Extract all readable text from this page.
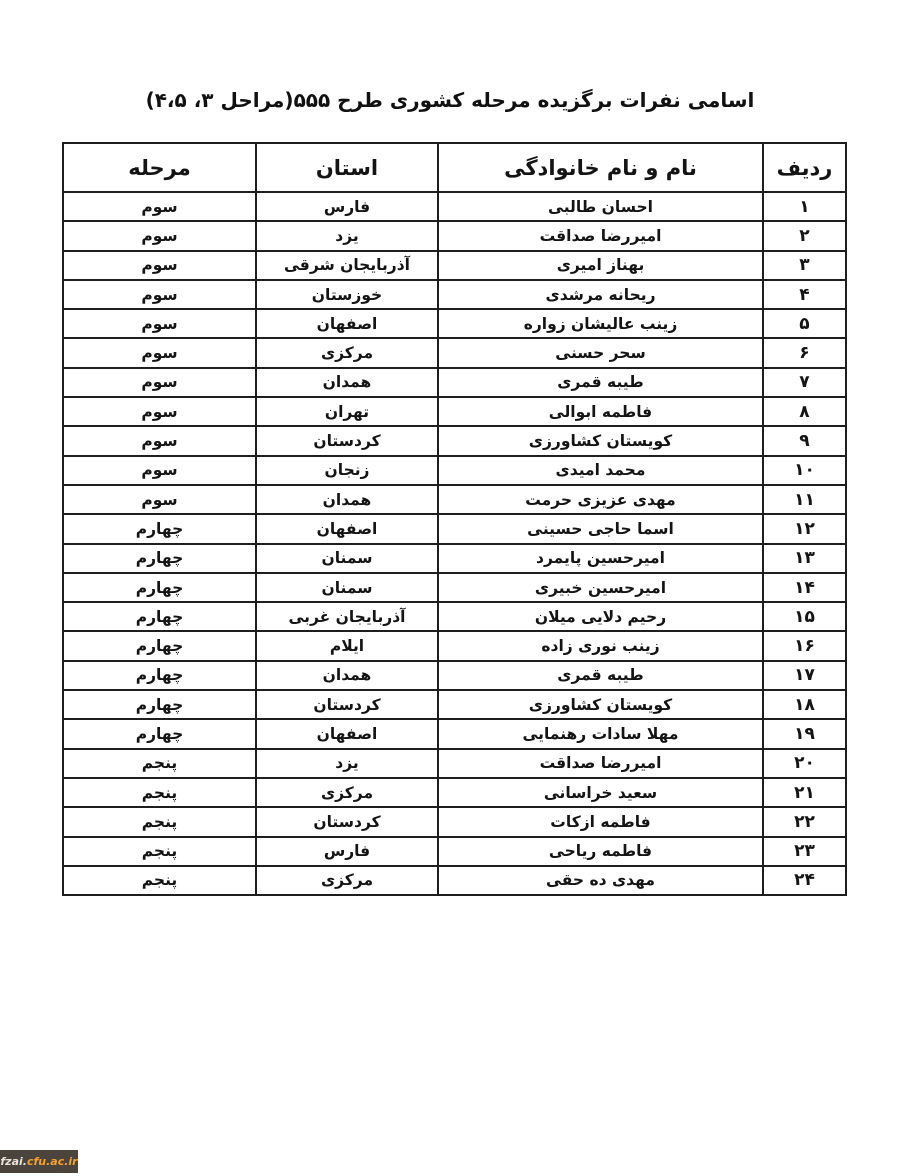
اسامی نفرات برگزیده مرحله کشوری طرح ۵۵۵(مراحل ۳، ۴،۵)
ردیف	نام و نام خانوادگی	استان	مرحله
۱	احسان طالبی	فارس	سوم
۲	امیررضا صداقت	یزد	سوم
۳	بهناز امیری	آذربایجان شرقی	سوم
۴	ریحانه مرشدی	خوزستان	سوم
۵	زینب عالیشان زواره	اصفهان	سوم
۶	سحر حسنی	مرکزی	سوم
۷	طیبه قمری	همدان	سوم
۸	فاطمه ابوالی	تهران	سوم
۹	کویستان کشاورزی	کردستان	سوم
۱۰	محمد امیدی	زنجان	سوم
۱۱	مهدی عزیزی حرمت	همدان	سوم
۱۲	اسما حاجی حسینی	اصفهان	چهارم
۱۳	امیرحسین پایمرد	سمنان	چهارم
۱۴	امیرحسین خبیری	سمنان	چهارم
۱۵	رحیم دلایی میلان	آذربایجان غربی	چهارم
۱۶	زینب نوری زاده	ایلام	چهارم
۱۷	طیبه قمری	همدان	چهارم
۱۸	کویستان کشاورزی	کردستان	چهارم
۱۹	مهلا سادات رهنمایی	اصفهان	چهارم
۲۰	امیررضا صداقت	یزد	پنجم
۲۱	سعید خراسانی	مرکزی	پنجم
۲۲	فاطمه ازکات	کردستان	پنجم
۲۳	فاطمه ریاحی	فارس	پنجم
۲۴	مهدی ده حقی	مرکزی	پنجم
fzai. cfu.ac.ir
